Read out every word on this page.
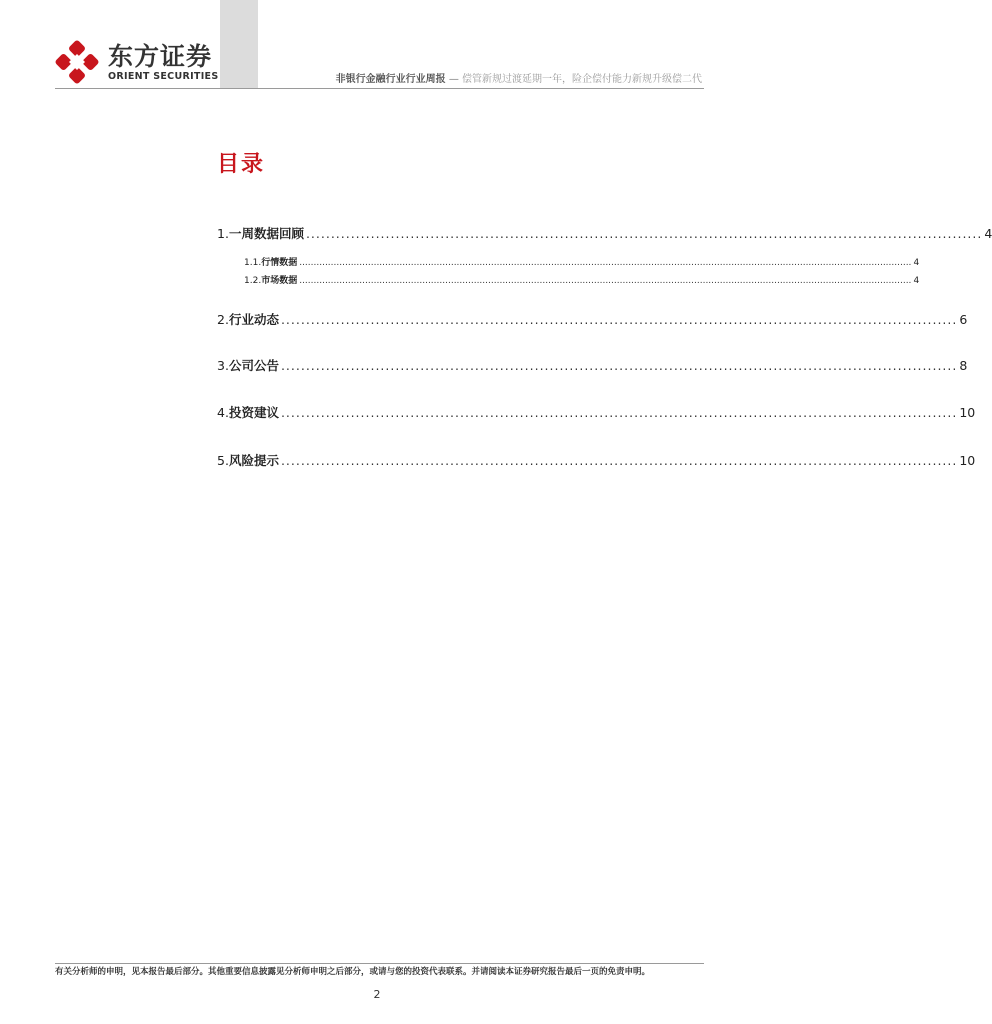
东方证券
ORIENT SECURITIES	非银行金融行业行业周报 — 偿管新规过渡延期一年，险企偿付能力新规升级偿二代
目录
1. 一周数据回顾 ........................................................................................................................................ 4
1.1. 行情数据 ...................................................................................................................................................................................................................... 4
1.2. 市场数据 ...................................................................................................................................................................................................................... 4
2. 行业动态 ........................................................................................................................................ 6
3. 公司公告 ........................................................................................................................................ 8
4. 投资建议 ........................................................................................................................................ 10
5. 风险提示 ........................................................................................................................................ 10
有关分析师的申明，见本报告最后部分。其他重要信息披露见分析师申明之后部分，或请与您的投资代表联系。并请阅读本证券研究报告最后一页的免责申明。
2
